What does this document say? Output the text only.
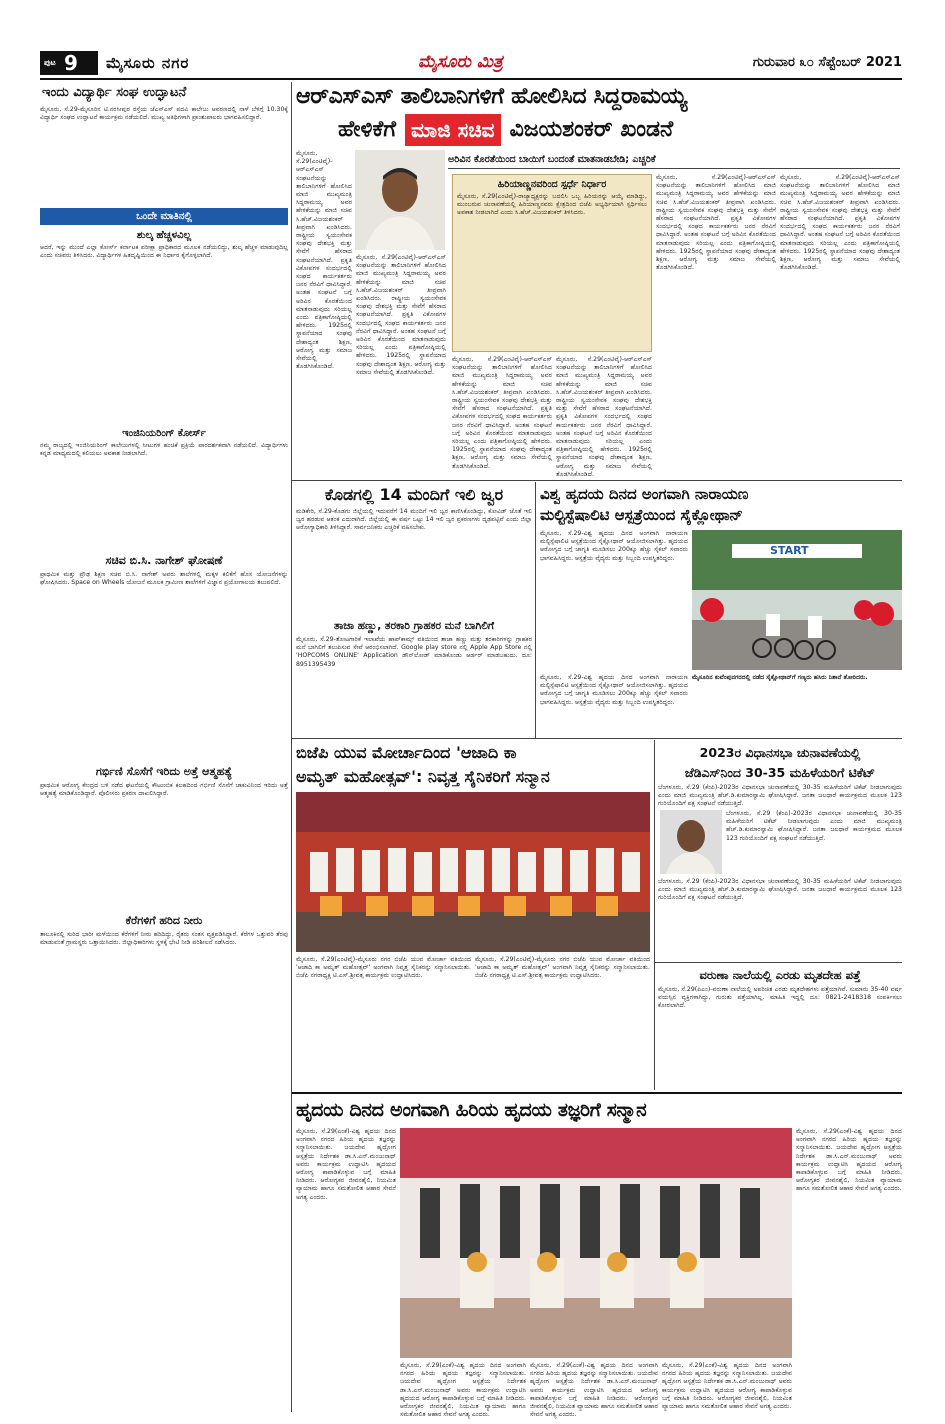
ಪುಟ 9 ಮೈಸೂರು ನಗರ	ಮೈಸೂರು ಮಿತ್ರ	ಗುರುವಾರ ೩೦ ಸೆಪ್ಟೆಂಬರ್ 2021
ಇಂದು ವಿದ್ಯಾರ್ಥಿ ಸಂಘ ಉದ್ಘಾಟನೆ
ಮೈಸೂರು, ಸೆ.29-ಮೈಸೂರಿನ ಟಿ.ನರಸೀಪುರ ರಸ್ತೆಯ ಜೆಎಸ್‌ಎಸ್ ಪದವಿ ಕಾಲೇಜು ಆವರಣದಲ್ಲಿ ನಾಳೆ ಬೆಳಿಗ್ಗೆ 10.30ಕ್ಕೆ ವಿದ್ಯಾರ್ಥಿ ಸಂಘದ ಉದ್ಘಾಟನೆ ಕಾರ್ಯಕ್ರಮ ನಡೆಯಲಿದೆ. ಮುಖ್ಯ ಅತಿಥಿಗಳಾಗಿ ಪ್ರಾಂಶುಪಾಲರು ಭಾಗವಹಿಸಲಿದ್ದಾರೆ.
ಒಂದೇ ಮಾತಿನಲ್ಲಿ
ಶುಲ್ಕ ಹೆಚ್ಚಳವಿಲ್ಲ
ಆದರೆ, ಇನ್ನು ಮುಂದೆ ಎಲ್ಲಾ ಕೋರ್ಸ್ ಕರ್ನಾಟಕ ಪರೀಕ್ಷಾ ಪ್ರಾಧಿಕಾರದ ಮೂಲಕ ನಡೆಯಲಿದ್ದು, ಶುಲ್ಕ ಹೆಚ್ಚಳ ಮಾಡುವುದಿಲ್ಲ ಎಂದು ಸಚಿವರು ತಿಳಿಸಿದರು. ವಿದ್ಯಾರ್ಥಿಗಳ ಹಿತದೃಷ್ಟಿಯಿಂದ ಈ ನಿರ್ಧಾರ ಕೈಗೊಳ್ಳಲಾಗಿದೆ.
ಇಂಜಿನಿಯರಿಂಗ್ ಕೋರ್ಸ್
ನಮ್ಮ ರಾಜ್ಯದಲ್ಲಿ ಇಂಜಿನಿಯರಿಂಗ್ ಕಾಲೇಜುಗಳಲ್ಲಿ ಸೀಟುಗಳ ಹಂಚಿಕೆ ಪ್ರಕ್ರಿಯೆ ಪಾರದರ್ಶಕವಾಗಿ ನಡೆಯಲಿದೆ. ವಿದ್ಯಾರ್ಥಿಗಳು ಕನ್ನಡ ಮಾಧ್ಯಮದಲ್ಲಿ ಕಲಿಯಲು ಅವಕಾಶ ನೀಡಲಾಗಿದೆ.
ಸಚಿವ ಬಿ.ಸಿ. ನಾಗೇಶ್ ಘೋಷಣೆ
ಪ್ರಾಥಮಿಕ ಮತ್ತು ಪ್ರೌಢ ಶಿಕ್ಷಣ ಸಚಿವ ಬಿ.ಸಿ. ನಾಗೇಶ್ ಅವರು ಶಾಲೆಗಳಲ್ಲಿ ಮಕ್ಕಳ ಕಲಿಕೆಗೆ ಹೊಸ ಯೋಜನೆಗಳನ್ನು ಘೋಷಿಸಿದರು. Space on Wheels ಯೋಜನೆ ಮೂಲಕ ಗ್ರಾಮೀಣ ಶಾಲೆಗಳಿಗೆ ವಿಜ್ಞಾನ ಪ್ರಯೋಗಾಲಯ ತಲುಪಲಿದೆ.
ಗರ್ಭಿಣಿ ಸೊಸೆಗೆ ಇರಿದು ಅತ್ತೆ ಆತ್ಮಹತ್ಯೆ
ಪ್ರಾಥಮಿಕ ಆರೋಗ್ಯ ಕೇಂದ್ರದ ಬಳಿ ನಡೆದ ಘಟನೆಯಲ್ಲಿ ಕೌಟುಂಬಿಕ ಕಲಹದಿಂದ ಗರ್ಭಿಣಿ ಸೊಸೆಗೆ ಚಾಕುವಿನಿಂದ ಇರಿದು ಅತ್ತೆ ಆತ್ಮಹತ್ಯೆ ಮಾಡಿಕೊಂಡಿದ್ದಾರೆ. ಪೊಲೀಸರು ಪ್ರಕರಣ ದಾಖಲಿಸಿದ್ದಾರೆ.
ಕೆರೆಗಳಿಗೆ ಹರಿದ ನೀರು
ತಾಲೂಕಿನಲ್ಲಿ ಸುರಿದ ಭಾರೀ ಮಳೆಯಿಂದ ಕೆರೆಗಳಿಗೆ ನೀರು ಹರಿದಿದ್ದು, ರೈತರು ಸಂತಸ ವ್ಯಕ್ತಪಡಿಸಿದ್ದಾರೆ. ಕೆರೆಗಳ ಒತ್ತುವರಿ ತೆರವು ಮಾಡುವಂತೆ ಗ್ರಾಮಸ್ಥರು ಒತ್ತಾಯಿಸಿದರು. ಜಿಲ್ಲಾಧಿಕಾರಿಗಳು ಸ್ಥಳಕ್ಕೆ ಭೇಟಿ ನೀಡಿ ಪರಿಶೀಲನೆ ನಡೆಸಿದರು.
ಆರ್‌ಎಸ್‌ಎಸ್ ತಾಲಿಬಾನಿಗಳಿಗೆ ಹೋಲಿಸಿದ ಸಿದ್ದರಾಮಯ್ಯ
ಹೇಳಿಕೆಗೆ ಮಾಜಿ ಸಚಿವ ವಿಜಯಶಂಕರ್ ಖಂಡನೆ
ಮೈಸೂರು, ಸೆ.29(ಎಂಟಿವೈ)-ಆರ್‌ಎಸ್‌ಎಸ್ ಸಂಘಟನೆಯನ್ನು ತಾಲಿಬಾನಿಗಳಿಗೆ ಹೋಲಿಸಿದ ಮಾಜಿ ಮುಖ್ಯಮಂತ್ರಿ ಸಿದ್ದರಾಮಯ್ಯ ಅವರ ಹೇಳಿಕೆಯನ್ನು ಮಾಜಿ ಸಚಿವ ಸಿ.ಹೆಚ್.ವಿಜಯಶಂಕರ್ ತೀವ್ರವಾಗಿ ಖಂಡಿಸಿದರು. ರಾಷ್ಟ್ರೀಯ ಸ್ವಯಂಸೇವಕ ಸಂಘವು ದೇಶಭಕ್ತಿ ಮತ್ತು ಸೇವೆಗೆ ಹೆಸರಾದ ಸಂಘಟನೆಯಾಗಿದೆ. ಪ್ರಕೃತಿ ವಿಕೋಪಗಳ ಸಂದರ್ಭದಲ್ಲಿ ಸಂಘದ ಕಾರ್ಯಕರ್ತರು ಜನರ ನೆರವಿಗೆ ಧಾವಿಸಿದ್ದಾರೆ. ಅಂತಹ ಸಂಘಟನೆ ಬಗ್ಗೆ ಅರಿವಿನ ಕೊರತೆಯಿಂದ ಮಾತನಾಡುವುದು ಸರಿಯಲ್ಲ ಎಂದು ಪತ್ರಿಕಾಗೋಷ್ಠಿಯಲ್ಲಿ ಹೇಳಿದರು. 1925ರಲ್ಲಿ ಸ್ಥಾಪನೆಯಾದ ಸಂಘವು ದೇಶಾದ್ಯಂತ ಶಿಕ್ಷಣ, ಆರೋಗ್ಯ ಮತ್ತು ಸಮಾಜ ಸೇವೆಯಲ್ಲಿ ತೊಡಗಿಸಿಕೊಂಡಿದೆ.
ಮೈಸೂರು, ಸೆ.29(ಎಂಟಿವೈ)-ಆರ್‌ಎಸ್‌ಎಸ್ ಸಂಘಟನೆಯನ್ನು ತಾಲಿಬಾನಿಗಳಿಗೆ ಹೋಲಿಸಿದ ಮಾಜಿ ಮುಖ್ಯಮಂತ್ರಿ ಸಿದ್ದರಾಮಯ್ಯ ಅವರ ಹೇಳಿಕೆಯನ್ನು ಮಾಜಿ ಸಚಿವ ಸಿ.ಹೆಚ್.ವಿಜಯಶಂಕರ್ ತೀವ್ರವಾಗಿ ಖಂಡಿಸಿದರು. ರಾಷ್ಟ್ರೀಯ ಸ್ವಯಂಸೇವಕ ಸಂಘವು ದೇಶಭಕ್ತಿ ಮತ್ತು ಸೇವೆಗೆ ಹೆಸರಾದ ಸಂಘಟನೆಯಾಗಿದೆ. ಪ್ರಕೃತಿ ವಿಕೋಪಗಳ ಸಂದರ್ಭದಲ್ಲಿ ಸಂಘದ ಕಾರ್ಯಕರ್ತರು ಜನರ ನೆರವಿಗೆ ಧಾವಿಸಿದ್ದಾರೆ. ಅಂತಹ ಸಂಘಟನೆ ಬಗ್ಗೆ ಅರಿವಿನ ಕೊರತೆಯಿಂದ ಮಾತನಾಡುವುದು ಸರಿಯಲ್ಲ ಎಂದು ಪತ್ರಿಕಾಗೋಷ್ಠಿಯಲ್ಲಿ ಹೇಳಿದರು. 1925ರಲ್ಲಿ ಸ್ಥಾಪನೆಯಾದ ಸಂಘವು ದೇಶಾದ್ಯಂತ ಶಿಕ್ಷಣ, ಆರೋಗ್ಯ ಮತ್ತು ಸಮಾಜ ಸೇವೆಯಲ್ಲಿ ತೊಡಗಿಸಿಕೊಂಡಿದೆ.
ಅರಿವಿನ ಕೊರತೆಯಿಂದ ಬಾಯಿಗೆ ಬಂದಂತೆ ಮಾತನಾಡಬೇಡಿ; ಎಚ್ಚರಿಕೆ
ಹಿರಿಯಾಣ್ಣನವರಿಂದ ಸ್ಪರ್ಧೆ ನಿರ್ಧಾರ
ಮೈಸೂರು, ಸೆ.29(ಎಂಟಿವೈ)-ರಾಜ್ಯಾಧ್ಯಕ್ಷರನ್ನು ಬದಲಿಸಿ ಒಬ್ಬ ಹಿರಿಯರನ್ನು ಆಯ್ಕೆ ಮಾಡಿದ್ದು, ಮುಂಬರುವ ಚುನಾವಣೆಯಲ್ಲಿ ಹಿರಿಯಾಣ್ಣನವರು ಕ್ಷೇತ್ರದಿಂದ ಬಿಜೆಪಿ ಅಭ್ಯರ್ಥಿಯಾಗಿ ಸ್ಪರ್ಧಿಸಲು ಅವಕಾಶ ನೀಡಲಾಗಿದೆ ಎಂದು ಸಿ.ಹೆಚ್.ವಿಜಯಶಂಕರ್ ತಿಳಿಸಿದರು.
ಮೈಸೂರು, ಸೆ.29(ಎಂಟಿವೈ)-ಆರ್‌ಎಸ್‌ಎಸ್ ಸಂಘಟನೆಯನ್ನು ತಾಲಿಬಾನಿಗಳಿಗೆ ಹೋಲಿಸಿದ ಮಾಜಿ ಮುಖ್ಯಮಂತ್ರಿ ಸಿದ್ದರಾಮಯ್ಯ ಅವರ ಹೇಳಿಕೆಯನ್ನು ಮಾಜಿ ಸಚಿವ ಸಿ.ಹೆಚ್.ವಿಜಯಶಂಕರ್ ತೀವ್ರವಾಗಿ ಖಂಡಿಸಿದರು. ರಾಷ್ಟ್ರೀಯ ಸ್ವಯಂಸೇವಕ ಸಂಘವು ದೇಶಭಕ್ತಿ ಮತ್ತು ಸೇವೆಗೆ ಹೆಸರಾದ ಸಂಘಟನೆಯಾಗಿದೆ. ಪ್ರಕೃತಿ ವಿಕೋಪಗಳ ಸಂದರ್ಭದಲ್ಲಿ ಸಂಘದ ಕಾರ್ಯಕರ್ತರು ಜನರ ನೆರವಿಗೆ ಧಾವಿಸಿದ್ದಾರೆ. ಅಂತಹ ಸಂಘಟನೆ ಬಗ್ಗೆ ಅರಿವಿನ ಕೊರತೆಯಿಂದ ಮಾತನಾಡುವುದು ಸರಿಯಲ್ಲ ಎಂದು ಪತ್ರಿಕಾಗೋಷ್ಠಿಯಲ್ಲಿ ಹೇಳಿದರು. 1925ರಲ್ಲಿ ಸ್ಥಾಪನೆಯಾದ ಸಂಘವು ದೇಶಾದ್ಯಂತ ಶಿಕ್ಷಣ, ಆರೋಗ್ಯ ಮತ್ತು ಸಮಾಜ ಸೇವೆಯಲ್ಲಿ ತೊಡಗಿಸಿಕೊಂಡಿದೆ.
ಮೈಸೂರು, ಸೆ.29(ಎಂಟಿವೈ)-ಆರ್‌ಎಸ್‌ಎಸ್ ಸಂಘಟನೆಯನ್ನು ತಾಲಿಬಾನಿಗಳಿಗೆ ಹೋಲಿಸಿದ ಮಾಜಿ ಮುಖ್ಯಮಂತ್ರಿ ಸಿದ್ದರಾಮಯ್ಯ ಅವರ ಹೇಳಿಕೆಯನ್ನು ಮಾಜಿ ಸಚಿವ ಸಿ.ಹೆಚ್.ವಿಜಯಶಂಕರ್ ತೀವ್ರವಾಗಿ ಖಂಡಿಸಿದರು. ರಾಷ್ಟ್ರೀಯ ಸ್ವಯಂಸೇವಕ ಸಂಘವು ದೇಶಭಕ್ತಿ ಮತ್ತು ಸೇವೆಗೆ ಹೆಸರಾದ ಸಂಘಟನೆಯಾಗಿದೆ. ಪ್ರಕೃತಿ ವಿಕೋಪಗಳ ಸಂದರ್ಭದಲ್ಲಿ ಸಂಘದ ಕಾರ್ಯಕರ್ತರು ಜನರ ನೆರವಿಗೆ ಧಾವಿಸಿದ್ದಾರೆ. ಅಂತಹ ಸಂಘಟನೆ ಬಗ್ಗೆ ಅರಿವಿನ ಕೊರತೆಯಿಂದ ಮಾತನಾಡುವುದು ಸರಿಯಲ್ಲ ಎಂದು ಪತ್ರಿಕಾಗೋಷ್ಠಿಯಲ್ಲಿ ಹೇಳಿದರು. 1925ರಲ್ಲಿ ಸ್ಥಾಪನೆಯಾದ ಸಂಘವು ದೇಶಾದ್ಯಂತ ಶಿಕ್ಷಣ, ಆರೋಗ್ಯ ಮತ್ತು ಸಮಾಜ ಸೇವೆಯಲ್ಲಿ ತೊಡಗಿಸಿಕೊಂಡಿದೆ.
ಮೈಸೂರು, ಸೆ.29(ಎಂಟಿವೈ)-ಆರ್‌ಎಸ್‌ಎಸ್ ಸಂಘಟನೆಯನ್ನು ತಾಲಿಬಾನಿಗಳಿಗೆ ಹೋಲಿಸಿದ ಮಾಜಿ ಮುಖ್ಯಮಂತ್ರಿ ಸಿದ್ದರಾಮಯ್ಯ ಅವರ ಹೇಳಿಕೆಯನ್ನು ಮಾಜಿ ಸಚಿವ ಸಿ.ಹೆಚ್.ವಿಜಯಶಂಕರ್ ತೀವ್ರವಾಗಿ ಖಂಡಿಸಿದರು. ರಾಷ್ಟ್ರೀಯ ಸ್ವಯಂಸೇವಕ ಸಂಘವು ದೇಶಭಕ್ತಿ ಮತ್ತು ಸೇವೆಗೆ ಹೆಸರಾದ ಸಂಘಟನೆಯಾಗಿದೆ. ಪ್ರಕೃತಿ ವಿಕೋಪಗಳ ಸಂದರ್ಭದಲ್ಲಿ ಸಂಘದ ಕಾರ್ಯಕರ್ತರು ಜನರ ನೆರವಿಗೆ ಧಾವಿಸಿದ್ದಾರೆ. ಅಂತಹ ಸಂಘಟನೆ ಬಗ್ಗೆ ಅರಿವಿನ ಕೊರತೆಯಿಂದ ಮಾತನಾಡುವುದು ಸರಿಯಲ್ಲ ಎಂದು ಪತ್ರಿಕಾಗೋಷ್ಠಿಯಲ್ಲಿ ಹೇಳಿದರು. 1925ರಲ್ಲಿ ಸ್ಥಾಪನೆಯಾದ ಸಂಘವು ದೇಶಾದ್ಯಂತ ಶಿಕ್ಷಣ, ಆರೋಗ್ಯ ಮತ್ತು ಸಮಾಜ ಸೇವೆಯಲ್ಲಿ ತೊಡಗಿಸಿಕೊಂಡಿದೆ.
ಮೈಸೂರು, ಸೆ.29(ಎಂಟಿವೈ)-ಆರ್‌ಎಸ್‌ಎಸ್ ಸಂಘಟನೆಯನ್ನು ತಾಲಿಬಾನಿಗಳಿಗೆ ಹೋಲಿಸಿದ ಮಾಜಿ ಮುಖ್ಯಮಂತ್ರಿ ಸಿದ್ದರಾಮಯ್ಯ ಅವರ ಹೇಳಿಕೆಯನ್ನು ಮಾಜಿ ಸಚಿವ ಸಿ.ಹೆಚ್.ವಿಜಯಶಂಕರ್ ತೀವ್ರವಾಗಿ ಖಂಡಿಸಿದರು. ರಾಷ್ಟ್ರೀಯ ಸ್ವಯಂಸೇವಕ ಸಂಘವು ದೇಶಭಕ್ತಿ ಮತ್ತು ಸೇವೆಗೆ ಹೆಸರಾದ ಸಂಘಟನೆಯಾಗಿದೆ. ಪ್ರಕೃತಿ ವಿಕೋಪಗಳ ಸಂದರ್ಭದಲ್ಲಿ ಸಂಘದ ಕಾರ್ಯಕರ್ತರು ಜನರ ನೆರವಿಗೆ ಧಾವಿಸಿದ್ದಾರೆ. ಅಂತಹ ಸಂಘಟನೆ ಬಗ್ಗೆ ಅರಿವಿನ ಕೊರತೆಯಿಂದ ಮಾತನಾಡುವುದು ಸರಿಯಲ್ಲ ಎಂದು ಪತ್ರಿಕಾಗೋಷ್ಠಿಯಲ್ಲಿ ಹೇಳಿದರು. 1925ರಲ್ಲಿ ಸ್ಥಾಪನೆಯಾದ ಸಂಘವು ದೇಶಾದ್ಯಂತ ಶಿಕ್ಷಣ, ಆರೋಗ್ಯ ಮತ್ತು ಸಮಾಜ ಸೇವೆಯಲ್ಲಿ ತೊಡಗಿಸಿಕೊಂಡಿದೆ.
ಕೊಡಗಲ್ಲಿ 14 ಮಂದಿಗೆ ಇಲಿ ಜ್ವರ
ಮಡಿಕೇರಿ, ಸೆ.29-ಕೊಡಗು ಜಿಲ್ಲೆಯಲ್ಲಿ ಇದುವರೆಗೆ 14 ಮಂದಿಗೆ ಇಲಿ ಜ್ವರ ಕಾಣಿಸಿಕೊಂಡಿದ್ದು, ಕೋವಿಡ್ ಜೊತೆ ಇಲಿ ಜ್ವರ ಹರಡುವ ಆತಂಕ ಎದುರಾಗಿದೆ. ಜಿಲ್ಲೆಯಲ್ಲಿ ಈ ವರ್ಷ ಒಟ್ಟು 14 ಇಲಿ ಜ್ವರ ಪ್ರಕರಣಗಳು ದೃಢಪಟ್ಟಿವೆ ಎಂದು ಜಿಲ್ಲಾ ಆರೋಗ್ಯಾಧಿಕಾರಿ ತಿಳಿಸಿದ್ದಾರೆ. ಸಾರ್ವಜನಿಕರು ಎಚ್ಚರಿಕೆ ವಹಿಸಬೇಕು.
ತಾಜಾ ಹಣ್ಣು, ತರಕಾರಿ ಗ್ರಾಹಕರ ಮನೆ ಬಾಗಿಲಿಗೆ
ಮೈಸೂರು, ಸೆ.29-ತೋಟಗಾರಿಕೆ ಇಲಾಖೆಯ ಹಾಪ್‌ಕಾಮ್ಸ್ ವತಿಯಿಂದ ತಾಜಾ ಹಣ್ಣು ಮತ್ತು ತರಕಾರಿಗಳನ್ನು ಗ್ರಾಹಕರ ಮನೆ ಬಾಗಿಲಿಗೆ ತಲುಪಿಸುವ ಸೇವೆ ಆರಂಭಿಸಲಾಗಿದೆ. Google play store ನಲ್ಲಿ Apple App Store ನಲ್ಲಿ 'HOPCOMS ONLINE' Application ಡೌನ್‌ಲೋಡ್ ಮಾಡಿಕೊಂಡು ಆರ್ಡರ್ ಮಾಡಬಹುದು. ದೂ: 8951395439
ವಿಶ್ವ ಹೃದಯ ದಿನದ ಅಂಗವಾಗಿ ನಾರಾಯಣ
ಮಲ್ಟಿಸ್ಪೆಷಾಲಿಟಿ ಆಸ್ಪತ್ರೆಯಿಂದ ಸೈಕ್ಲೋಥಾನ್
ಮೈಸೂರು, ಸೆ.29-ವಿಶ್ವ ಹೃದಯ ದಿನದ ಅಂಗವಾಗಿ ನಾರಾಯಣ ಮಲ್ಟಿಸ್ಪೆಷಾಲಿಟಿ ಆಸ್ಪತ್ರೆಯಿಂದ ಸೈಕ್ಲೋಥಾನ್ ಆಯೋಜಿಸಲಾಗಿತ್ತು. ಹೃದಯದ ಆರೋಗ್ಯದ ಬಗ್ಗೆ ಜಾಗೃತಿ ಮೂಡಿಸಲು 200ಕ್ಕೂ ಹೆಚ್ಚು ಸೈಕಲ್ ಸವಾರರು ಭಾಗವಹಿಸಿದ್ದರು. ಆಸ್ಪತ್ರೆಯ ವೈದ್ಯರು ಮತ್ತು ಸಿಬ್ಬಂದಿ ಉಪಸ್ಥಿತರಿದ್ದರು.
START
ಮೈಸೂರಿನ ಕುವೆಂಪುನಗರದಲ್ಲಿ ನಡೆದ ಸೈಕ್ಲೋಥಾನ್‌ಗೆ ಗಣ್ಯರು ಹಸಿರು ನಿಶಾನೆ ತೋರಿದರು.
ಮೈಸೂರು, ಸೆ.29-ವಿಶ್ವ ಹೃದಯ ದಿನದ ಅಂಗವಾಗಿ ನಾರಾಯಣ ಮಲ್ಟಿಸ್ಪೆಷಾಲಿಟಿ ಆಸ್ಪತ್ರೆಯಿಂದ ಸೈಕ್ಲೋಥಾನ್ ಆಯೋಜಿಸಲಾಗಿತ್ತು. ಹೃದಯದ ಆರೋಗ್ಯದ ಬಗ್ಗೆ ಜಾಗೃತಿ ಮೂಡಿಸಲು 200ಕ್ಕೂ ಹೆಚ್ಚು ಸೈಕಲ್ ಸವಾರರು ಭಾಗವಹಿಸಿದ್ದರು. ಆಸ್ಪತ್ರೆಯ ವೈದ್ಯರು ಮತ್ತು ಸಿಬ್ಬಂದಿ ಉಪಸ್ಥಿತರಿದ್ದರು.
ಬಿಜೆಪಿ ಯುವ ಮೋರ್ಚಾದಿಂದ 'ಆಜಾದಿ ಕಾ
ಅಮೃತ್ ಮಹೋತ್ಸವ್': ನಿವೃತ್ತ ಸೈನಿಕರಿಗೆ ಸನ್ಮಾನ
ಮೈಸೂರು, ಸೆ.29(ಎಂಟಿವೈ)-ಮೈಸೂರು ನಗರ ಬಿಜೆಪಿ ಯುವ ಮೋರ್ಚಾ ವತಿಯಿಂದ 'ಆಜಾದಿ ಕಾ ಅಮೃತ್ ಮಹೋತ್ಸವ್' ಅಂಗವಾಗಿ ನಿವೃತ್ತ ಸೈನಿಕರನ್ನು ಸನ್ಮಾನಿಸಲಾಯಿತು. ಬಿಜೆಪಿ ನಗರಾಧ್ಯಕ್ಷ ಟಿ.ಎಸ್.ಶ್ರೀವತ್ಸ ಕಾರ್ಯಕ್ರಮ ಉದ್ಘಾಟಿಸಿದರು.
ಮೈಸೂರು, ಸೆ.29(ಎಂಟಿವೈ)-ಮೈಸೂರು ನಗರ ಬಿಜೆಪಿ ಯುವ ಮೋರ್ಚಾ ವತಿಯಿಂದ 'ಆಜಾದಿ ಕಾ ಅಮೃತ್ ಮಹೋತ್ಸವ್' ಅಂಗವಾಗಿ ನಿವೃತ್ತ ಸೈನಿಕರನ್ನು ಸನ್ಮಾನಿಸಲಾಯಿತು. ಬಿಜೆಪಿ ನಗರಾಧ್ಯಕ್ಷ ಟಿ.ಎಸ್.ಶ್ರೀವತ್ಸ ಕಾರ್ಯಕ್ರಮ ಉದ್ಘಾಟಿಸಿದರು.
2023ರ ವಿಧಾನಸಭಾ ಚುನಾವಣೆಯಲ್ಲಿ
ಜೆಡಿಎಸ್‌ನಿಂದ 30-35 ಮಹಿಳೆಯರಿಗೆ ಟಿಕೆಟ್
ಬೆಂಗಳೂರು, ಸೆ.29 (ಕೆಂಪಿ)-2023ರ ವಿಧಾನಸಭಾ ಚುನಾವಣೆಯಲ್ಲಿ 30-35 ಮಹಿಳೆಯರಿಗೆ ಟಿಕೆಟ್ ನೀಡಲಾಗುವುದು ಎಂದು ಮಾಜಿ ಮುಖ್ಯಮಂತ್ರಿ ಹೆಚ್.ಡಿ.ಕುಮಾರಸ್ವಾಮಿ ಘೋಷಿಸಿದ್ದಾರೆ. ಜನತಾ ಜಲಧಾರೆ ಕಾರ್ಯಕ್ರಮದ ಮೂಲಕ 123 ಗುರಿಯೊಂದಿಗೆ ಪಕ್ಷ ಸಂಘಟನೆ ನಡೆಯುತ್ತಿದೆ.
ಬೆಂಗಳೂರು, ಸೆ.29 (ಕೆಂಪಿ)-2023ರ ವಿಧಾನಸಭಾ ಚುನಾವಣೆಯಲ್ಲಿ 30-35 ಮಹಿಳೆಯರಿಗೆ ಟಿಕೆಟ್ ನೀಡಲಾಗುವುದು ಎಂದು ಮಾಜಿ ಮುಖ್ಯಮಂತ್ರಿ ಹೆಚ್.ಡಿ.ಕುಮಾರಸ್ವಾಮಿ ಘೋಷಿಸಿದ್ದಾರೆ. ಜನತಾ ಜಲಧಾರೆ ಕಾರ್ಯಕ್ರಮದ ಮೂಲಕ 123 ಗುರಿಯೊಂದಿಗೆ ಪಕ್ಷ ಸಂಘಟನೆ ನಡೆಯುತ್ತಿದೆ.
ಬೆಂಗಳೂರು, ಸೆ.29 (ಕೆಂಪಿ)-2023ರ ವಿಧಾನಸಭಾ ಚುನಾವಣೆಯಲ್ಲಿ 30-35 ಮಹಿಳೆಯರಿಗೆ ಟಿಕೆಟ್ ನೀಡಲಾಗುವುದು ಎಂದು ಮಾಜಿ ಮುಖ್ಯಮಂತ್ರಿ ಹೆಚ್.ಡಿ.ಕುಮಾರಸ್ವಾಮಿ ಘೋಷಿಸಿದ್ದಾರೆ. ಜನತಾ ಜಲಧಾರೆ ಕಾರ್ಯಕ್ರಮದ ಮೂಲಕ 123 ಗುರಿಯೊಂದಿಗೆ ಪಕ್ಷ ಸಂಘಟನೆ ನಡೆಯುತ್ತಿದೆ.
ವರುಣಾ ನಾಲೆಯಲ್ಲಿ ಎರಡು ಮೃತದೇಹ ಪತ್ತೆ
ಮೈಸೂರು, ಸೆ.29(ಪಿಎಂ)-ವರುಣಾ ನಾಲೆಯಲ್ಲಿ ಅಪರಿಚಿತ ಎರಡು ಮೃತದೇಹಗಳು ಪತ್ತೆಯಾಗಿವೆ. ಸುಮಾರು 35-40 ವರ್ಷ ವಯಸ್ಸಿನ ವ್ಯಕ್ತಿಗಳಾಗಿದ್ದು, ಗುರುತು ಪತ್ತೆಯಾಗಿಲ್ಲ. ಮಾಹಿತಿ ಇದ್ದಲ್ಲಿ ದೂ: 0821-2418318 ಸಂಪರ್ಕಿಸಲು ಕೋರಲಾಗಿದೆ.
ಹೃದಯ ದಿನದ ಅಂಗವಾಗಿ ಹಿರಿಯ ಹೃದಯ ತಜ್ಞರಿಗೆ ಸನ್ಮಾನ
ಮೈಸೂರು, ಸೆ.29(ಎಂಕೆ)-ವಿಶ್ವ ಹೃದಯ ದಿನದ ಅಂಗವಾಗಿ ನಗರದ ಹಿರಿಯ ಹೃದಯ ತಜ್ಞರನ್ನು ಸನ್ಮಾನಿಸಲಾಯಿತು. ಜಯದೇವ ಹೃದ್ರೋಗ ಆಸ್ಪತ್ರೆಯ ನಿರ್ದೇಶಕ ಡಾ.ಸಿ.ಎನ್.ಮಂಜುನಾಥ್ ಅವರು ಕಾರ್ಯಕ್ರಮ ಉದ್ಘಾಟಿಸಿ ಹೃದಯದ ಆರೋಗ್ಯ ಕಾಪಾಡಿಕೊಳ್ಳುವ ಬಗ್ಗೆ ಮಾಹಿತಿ ನೀಡಿದರು. ಆರೋಗ್ಯಕರ ಜೀವನಶೈಲಿ, ನಿಯಮಿತ ವ್ಯಾಯಾಮ ಹಾಗೂ ಸಮತೋಲಿತ ಆಹಾರ ಸೇವನೆ ಅಗತ್ಯ ಎಂದರು.
ಮೈಸೂರು, ಸೆ.29(ಎಂಕೆ)-ವಿಶ್ವ ಹೃದಯ ದಿನದ ಅಂಗವಾಗಿ ನಗರದ ಹಿರಿಯ ಹೃದಯ ತಜ್ಞರನ್ನು ಸನ್ಮಾನಿಸಲಾಯಿತು. ಜಯದೇವ ಹೃದ್ರೋಗ ಆಸ್ಪತ್ರೆಯ ನಿರ್ದೇಶಕ ಡಾ.ಸಿ.ಎನ್.ಮಂಜುನಾಥ್ ಅವರು ಕಾರ್ಯಕ್ರಮ ಉದ್ಘಾಟಿಸಿ ಹೃದಯದ ಆರೋಗ್ಯ ಕಾಪಾಡಿಕೊಳ್ಳುವ ಬಗ್ಗೆ ಮಾಹಿತಿ ನೀಡಿದರು. ಆರೋಗ್ಯಕರ ಜೀವನಶೈಲಿ, ನಿಯಮಿತ ವ್ಯಾಯಾಮ ಹಾಗೂ ಸಮತೋಲಿತ ಆಹಾರ ಸೇವನೆ ಅಗತ್ಯ ಎಂದರು.
ಮೈಸೂರು, ಸೆ.29(ಎಂಕೆ)-ವಿಶ್ವ ಹೃದಯ ದಿನದ ಅಂಗವಾಗಿ ನಗರದ ಹಿರಿಯ ಹೃದಯ ತಜ್ಞರನ್ನು ಸನ್ಮಾನಿಸಲಾಯಿತು. ಜಯದೇವ ಹೃದ್ರೋಗ ಆಸ್ಪತ್ರೆಯ ನಿರ್ದೇಶಕ ಡಾ.ಸಿ.ಎನ್.ಮಂಜುನಾಥ್ ಅವರು ಕಾರ್ಯಕ್ರಮ ಉದ್ಘಾಟಿಸಿ ಹೃದಯದ ಆರೋಗ್ಯ ಕಾಪಾಡಿಕೊಳ್ಳುವ ಬಗ್ಗೆ ಮಾಹಿತಿ ನೀಡಿದರು. ಆರೋಗ್ಯಕರ ಜೀವನಶೈಲಿ, ನಿಯಮಿತ ವ್ಯಾಯಾಮ ಹಾಗೂ ಸಮತೋಲಿತ ಆಹಾರ ಸೇವನೆ ಅಗತ್ಯ ಎಂದರು.
ಮೈಸೂರು, ಸೆ.29(ಎಂಕೆ)-ವಿಶ್ವ ಹೃದಯ ದಿನದ ಅಂಗವಾಗಿ ನಗರದ ಹಿರಿಯ ಹೃದಯ ತಜ್ಞರನ್ನು ಸನ್ಮಾನಿಸಲಾಯಿತು. ಜಯದೇವ ಹೃದ್ರೋಗ ಆಸ್ಪತ್ರೆಯ ನಿರ್ದೇಶಕ ಡಾ.ಸಿ.ಎನ್.ಮಂಜುನಾಥ್ ಅವರು ಕಾರ್ಯಕ್ರಮ ಉದ್ಘಾಟಿಸಿ ಹೃದಯದ ಆರೋಗ್ಯ ಕಾಪಾಡಿಕೊಳ್ಳುವ ಬಗ್ಗೆ ಮಾಹಿತಿ ನೀಡಿದರು. ಆರೋಗ್ಯಕರ ಜೀವನಶೈಲಿ, ನಿಯಮಿತ ವ್ಯಾಯಾಮ ಹಾಗೂ ಸಮತೋಲಿತ ಆಹಾರ ಸೇವನೆ ಅಗತ್ಯ ಎಂದರು.
ಮೈಸೂರು, ಸೆ.29(ಎಂಕೆ)-ವಿಶ್ವ ಹೃದಯ ದಿನದ ಅಂಗವಾಗಿ ನಗರದ ಹಿರಿಯ ಹೃದಯ ತಜ್ಞರನ್ನು ಸನ್ಮಾನಿಸಲಾಯಿತು. ಜಯದೇವ ಹೃದ್ರೋಗ ಆಸ್ಪತ್ರೆಯ ನಿರ್ದೇಶಕ ಡಾ.ಸಿ.ಎನ್.ಮಂಜುನಾಥ್ ಅವರು ಕಾರ್ಯಕ್ರಮ ಉದ್ಘಾಟಿಸಿ ಹೃದಯದ ಆರೋಗ್ಯ ಕಾಪಾಡಿಕೊಳ್ಳುವ ಬಗ್ಗೆ ಮಾಹಿತಿ ನೀಡಿದರು. ಆರೋಗ್ಯಕರ ಜೀವನಶೈಲಿ, ನಿಯಮಿತ ವ್ಯಾಯಾಮ ಹಾಗೂ ಸಮತೋಲಿತ ಆಹಾರ ಸೇವನೆ ಅಗತ್ಯ ಎಂದರು.
